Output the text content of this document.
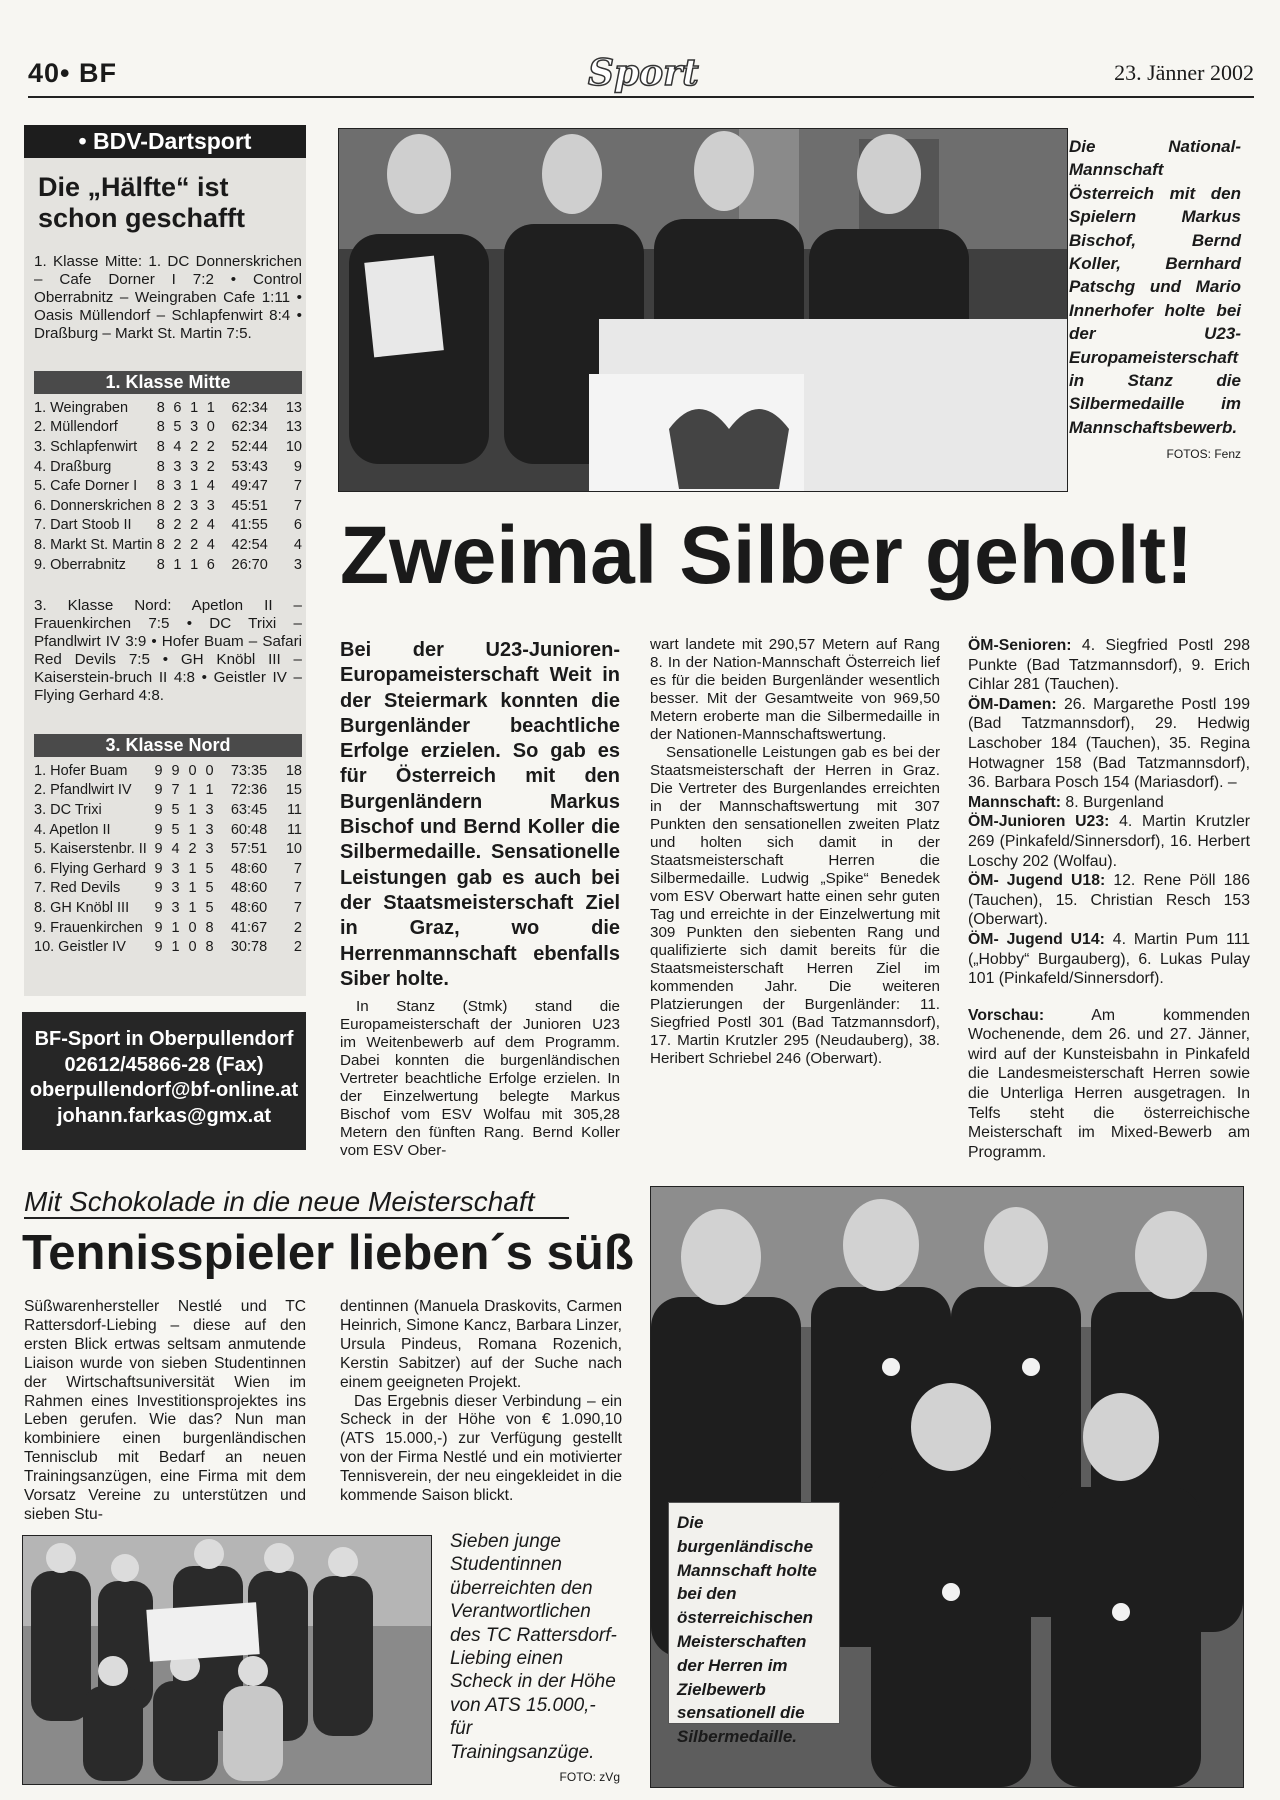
40• BF	Sport	23. Jänner 2002
• BDV-Dartsport
Die „Hälfte“ ist schon geschafft
1. Klasse Mitte: 1. DC Donnerskrichen – Cafe Dorner I 7:2 • Control Oberrabnitz – Weingraben Cafe 1:11 • Oasis Müllendorf – Schlapfenwirt 8:4 • Draßburg – Markt St. Martin 7:5.
1. Klasse Mitte
1. Weingraben	8	6	1	1	62:34	13
2. Müllendorf	8	5	3	0	62:34	13
3. Schlapfenwirt	8	4	2	2	52:44	10
4. Draßburg	8	3	3	2	53:43	9
5. Cafe Dorner I	8	3	1	4	49:47	7
6. Donnerskrichen	8	2	3	3	45:51	7
7. Dart Stoob II	8	2	2	4	41:55	6
8. Markt St. Martin	8	2	2	4	42:54	4
9. Oberrabnitz	8	1	1	6	26:70	3
3. Klasse Nord: Apetlon II – Frauenkirchen 7:5 • DC Trixi – Pfandlwirt IV 3:9 • Hofer Buam – Safari Red Devils 7:5 • GH Knöbl III – Kaiserstein-bruch II 4:8 • Geistler IV – Flying Gerhard 4:8.
3. Klasse Nord
1. Hofer Buam	9	9	0	0	73:35	18
2. Pfandlwirt IV	9	7	1	1	72:36	15
3. DC Trixi	9	5	1	3	63:45	11
4. Apetlon II	9	5	1	3	60:48	11
5. Kaiserstenbr. II	9	4	2	3	57:51	10
6. Flying Gerhard	9	3	1	5	48:60	7
7. Red Devils	9	3	1	5	48:60	7
8. GH Knöbl III	9	3	1	5	48:60	7
9. Frauenkirchen	9	1	0	8	41:67	2
10. Geistler IV	9	1	0	8	30:78	2
BF-Sport in Oberpullendorf
02612/45866-28 (Fax)
oberpullendorf@bf-online.at
johann.farkas@gmx.at
Die National-Mannschaft Österreich mit den Spielern Markus Bischof, Bernd Koller, Bernhard Patschg und Mario Innerhofer holte bei der U23-Europameisterschaft in Stanz die Silbermedaille im Mannschaftsbewerb.
FOTOS: Fenz
Zweimal Silber geholt!
Bei der U23-Junioren-Europameisterschaft Weit in der Steiermark konnten die Burgenländer beachtliche Erfolge erzielen. So gab es für Österreich mit den Burgenländern Markus Bischof und Bernd Koller die Silbermedaille. Sensationelle Leistungen gab es auch bei der Staatsmeisterschaft Ziel in Graz, wo die Herrenmannschaft ebenfalls Siber holte.
In Stanz (Stmk) stand die Europameisterschaft der Junioren U23 im Weitenbewerb auf dem Programm. Dabei konnten die burgenländischen Vertreter beachtliche Erfolge erzielen. In der Einzelwertung belegte Markus Bischof vom ESV Wolfau mit 305,28 Metern den fünften Rang. Bernd Koller vom ESV Ober-

wart landete mit 290,57 Metern auf Rang 8. In der Nation-Mannschaft Österreich lief es für die beiden Burgenländer wesentlich besser. Mit der Gesamtweite von 969,50 Metern eroberte man die Silbermedaille in der Nationen-Mannschaftswertung.

Sensationelle Leistungen gab es bei der Staatsmeisterschaft der Herren in Graz. Die Vertreter des Burgenlandes erreichten in der Mannschaftswertung mit 307 Punkten den sensationellen zweiten Platz und holten sich damit in der Staatsmeisterschaft Herren die Silbermedaille. Ludwig „Spike“ Benedek vom ESV Oberwart hatte einen sehr guten Tag und erreichte in der Einzelwertung mit 309 Punkten den siebenten Rang und qualifizierte sich damit bereits für die Staatsmeisterschaft Herren Ziel im kommenden Jahr. Die weiteren Platzierungen der Burgenländer: 11. Siegfried Postl 301 (Bad Tatzmannsdorf), 17. Martin Krutzler 295 (Neudauberg), 38. Heribert Schriebel 246 (Oberwart).

ÖM-Senioren: 4. Siegfried Postl 298 Punkte (Bad Tatzmannsdorf), 9. Erich Cihlar 281 (Tauchen).

ÖM-Damen: 26. Margarethe Postl 199 (Bad Tatzmannsdorf), 29. Hedwig Laschober 184 (Tauchen), 35. Regina Hotwagner 158 (Bad Tatzmannsdorf), 36. Barbara Posch 154 (Mariasdorf). –

Mannschaft: 8. Burgenland

ÖM-Junioren U23: 4. Martin Krutzler 269 (Pinkafeld/Sinnersdorf), 16. Herbert Loschy 202 (Wolfau).

ÖM- Jugend U18: 12. Rene Pöll 186 (Tauchen), 15. Christian Resch 153 (Oberwart).

ÖM- Jugend U14: 4. Martin Pum 111 („Hobby“ Burgauberg), 6. Lukas Pulay 101 (Pinkafeld/Sinnersdorf).

Vorschau:	Am kommenden Wochenende, dem 26. und 27. Jänner, wird auf der Kunsteisbahn in Pinkafeld die Landesmeisterschaft Herren sowie die Unterliga Herren ausgetragen. In Telfs steht die österreichische Meisterschaft im Mixed-Bewerb am Programm.

Mit Schokolade in die neue Meisterschaft
Tennisspieler lieben´s süß
Süßwarenhersteller Nestlé und TC Rattersdorf-Liebing – diese auf den ersten Blick ertwas seltsam anmutende Liaison wurde von sieben Studentinnen der Wirtschaftsuniversität Wien im Rahmen eines Investitionsprojektes ins Leben gerufen. Wie das? Nun man kombiniere einen burgenländischen Tennisclub mit Bedarf an neuen Trainingsanzügen, eine Firma mit dem Vorsatz Vereine zu unterstützen und sieben Stu-

dentinnen (Manuela Draskovits, Carmen Heinrich, Simone Kancz, Barbara Linzer, Ursula Pindeus, Romana Rozenich, Kerstin Sabitzer) auf der Suche nach einem geeigneten Projekt.

Das Ergebnis dieser Verbindung – ein Scheck in der Höhe von € 1.090,10 (ATS 15.000,-) zur Verfügung gestellt von der Firma Nestlé und ein motivierter Tennisverein, der neu eingekleidet in die kommende Saison blickt.

Sieben junge Studentinnen überreichten den Verantwortlichen des TC Rattersdorf-Liebing einen Scheck in der Höhe von ATS 15.000,- für Trainingsanzüge.
FOTO: zVg
Die burgenländische Mannschaft holte bei den österreichischen Meisterschaften der Herren im Zielbewerb sensationell die Silbermedaille.
